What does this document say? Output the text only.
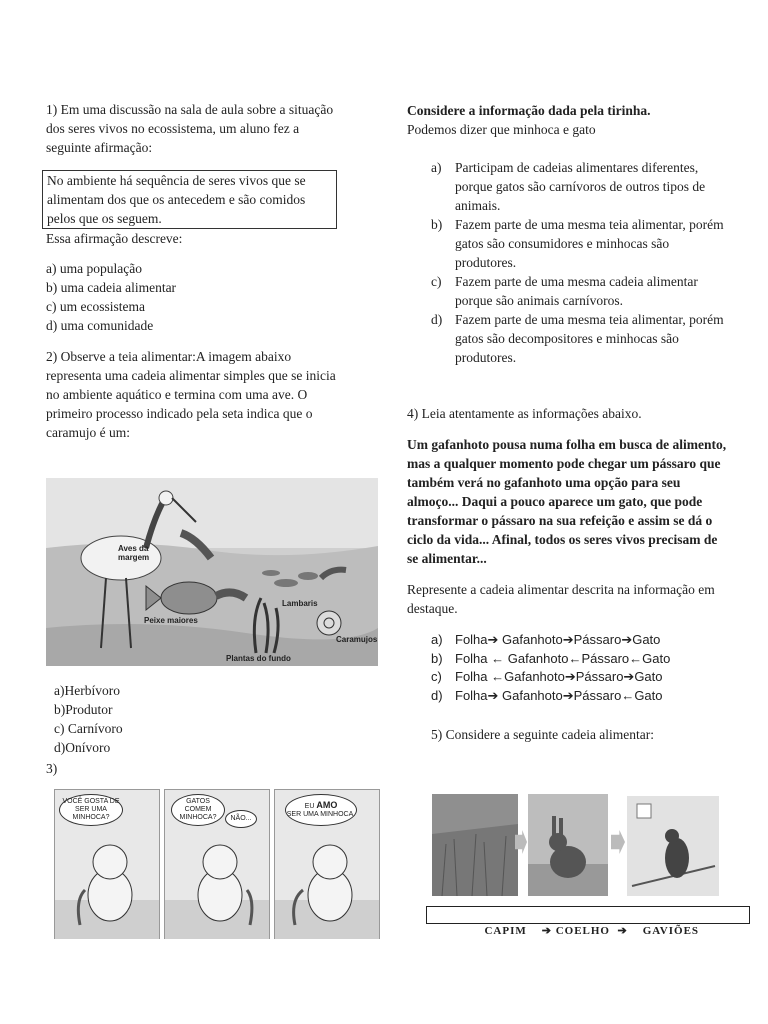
1) Em uma discussão na sala de aula sobre a situação dos seres vivos no ecossistema, um aluno fez a seguinte afirmação:

No ambiente há sequência de seres vivos que se alimentam dos que os antecedem e são comidos pelos que os seguem.

Essa afirmação descreve:

a) uma população

b) uma cadeia alimentar

c) um ecossistema

d) uma comunidade

2) Observe a teia alimentar:A imagem abaixo representa uma cadeia alimentar simples que se inicia no ambiente aquático e termina com uma ave. O primeiro processo indicado pela seta indica que o caramujo é um:

Aves da margem
Peixe maiores
Lambaris
Caramujos
Plantas do fundo

a)Herbívoro

b)Produtor

c) Carnívoro

d)Onívoro

3)

VOCÊ GOSTA DE SER UMA MINHOCA?
GATOS COMEM MINHOCA?	NÃO...
EU AMO
SER UMA MINHOCA.

Considere a informação dada pela tirinha.

Podemos dizer que minhoca e gato

a)	Participam de cadeias alimentares diferentes, porque gatos são carnívoros de outros tipos de animais.
b) Fazem parte de uma mesma teia alimentar, porém gatos são consumidores e minhocas são produtores.
c)	Fazem parte de uma mesma cadeia alimentar porque são animais carnívoros.
d) Fazem parte de uma mesma teia alimentar, porém gatos são decompositores e minhocas são produtores.

4) Leia atentamente as informações abaixo.

Um gafanhoto pousa numa folha em busca de alimento, mas a qualquer momento pode chegar um pássaro que também verá no gafanhoto uma opção para seu almoço... Daqui a pouco aparece um gato, que pode transformar o pássaro na sua refeição e assim se dá o ciclo da vida... Afinal, todos os seres vivos precisam de se alimentar...

Represente a cadeia alimentar descrita na informação em destaque.

a) Folha➔ Gafanhoto➔Pássaro➔Gato
b) Folha ← Gafanhoto←Pássaro←Gato
c)	Folha ←Gafanhoto➔Pássaro➔Gato
d) Folha➔ Gafanhoto➔Pássaro←Gato

5) Considere a seguinte cadeia alimentar:

CAPIM    ➔ COELHO  ➔    GAVIÕES
